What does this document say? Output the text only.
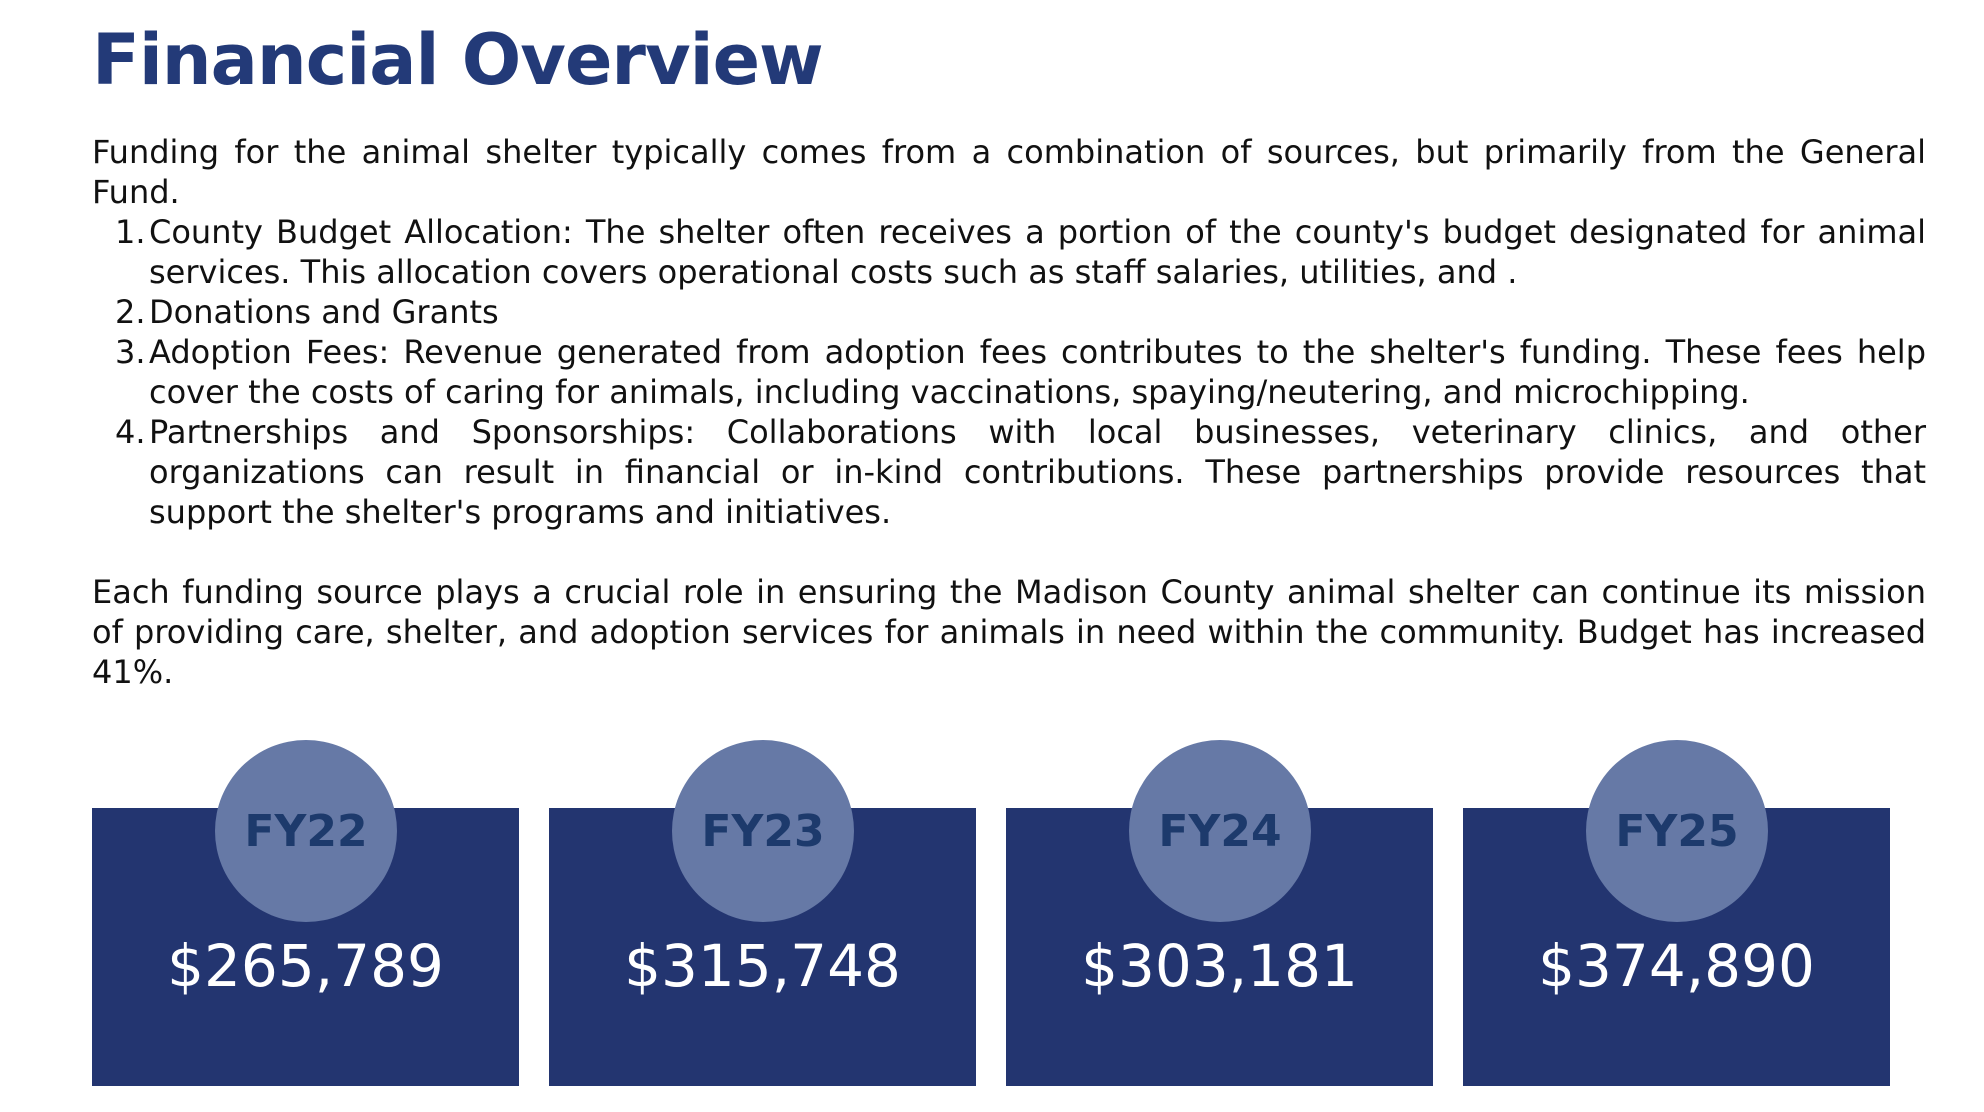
Financial Overview

Funding for the animal shelter typically comes from a combination of sources, but primarily from the General Fund.

1. County Budget Allocation: The shelter often receives a portion of the county's budget designated for animal services. This allocation covers operational costs such as staff salaries, utilities, and .
2. Donations and Grants
3. Adoption Fees: Revenue generated from adoption fees contributes to the shelter's funding. These fees help cover the costs of caring for animals, including vaccinations, spaying/neutering, and microchipping.
4. Partnerships and Sponsorships: Collaborations with local businesses, veterinary clinics, and other organizations can result in financial or in-kind contributions. These partnerships provide resources that support the shelter's programs and initiatives.

Each funding source plays a crucial role in ensuring the Madison County animal shelter can continue its mission of providing care, shelter, and adoption services for animals in need within the community. Budget has increased 41%.

FY22
$265,789
FY23
$315,748
FY24
$303,181
FY25
$374,890
